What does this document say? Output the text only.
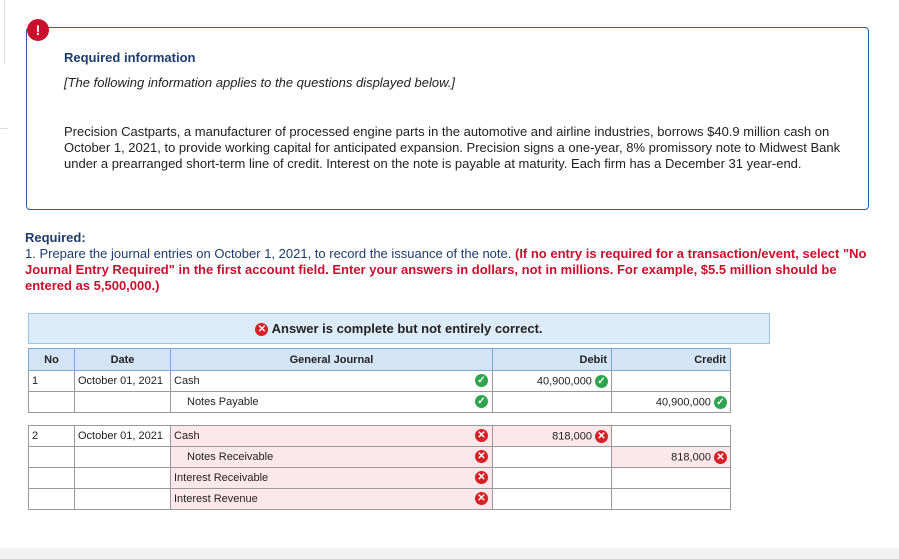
Required information
[The following information applies to the questions displayed below.]
Precision Castparts, a manufacturer of processed engine parts in the automotive and airline industries, borrows $40.9 million cash on October 1, 2021, to provide working capital for anticipated expansion. Precision signs a one-year, 8% promissory note to Midwest Bank under a prearranged short-term line of credit. Interest on the note is payable at maturity. Each firm has a December 31 year-end.
!
Required:
1. Prepare the journal entries on October 1, 2021, to record the issuance of the note. (If no entry is required for a transaction/event, select "No Journal Entry Required" in the first account field. Enter your answers in dollars, not in millions. For example, $5.5 million should be entered as 5,500,000.)
✕ Answer is complete but not entirely correct.
No	Date	General Journal	Debit	Credit
1	October 01, 2021	Cash ✓	40,900,000 ✓	
		Notes Payable ✓		40,900,000 ✓

2	October 01, 2021	Cash ✕	818,000 ✕	
		Notes Receivable ✕		818,000 ✕
		Interest Receivable ✕		

		Interest Revenue ✕		
